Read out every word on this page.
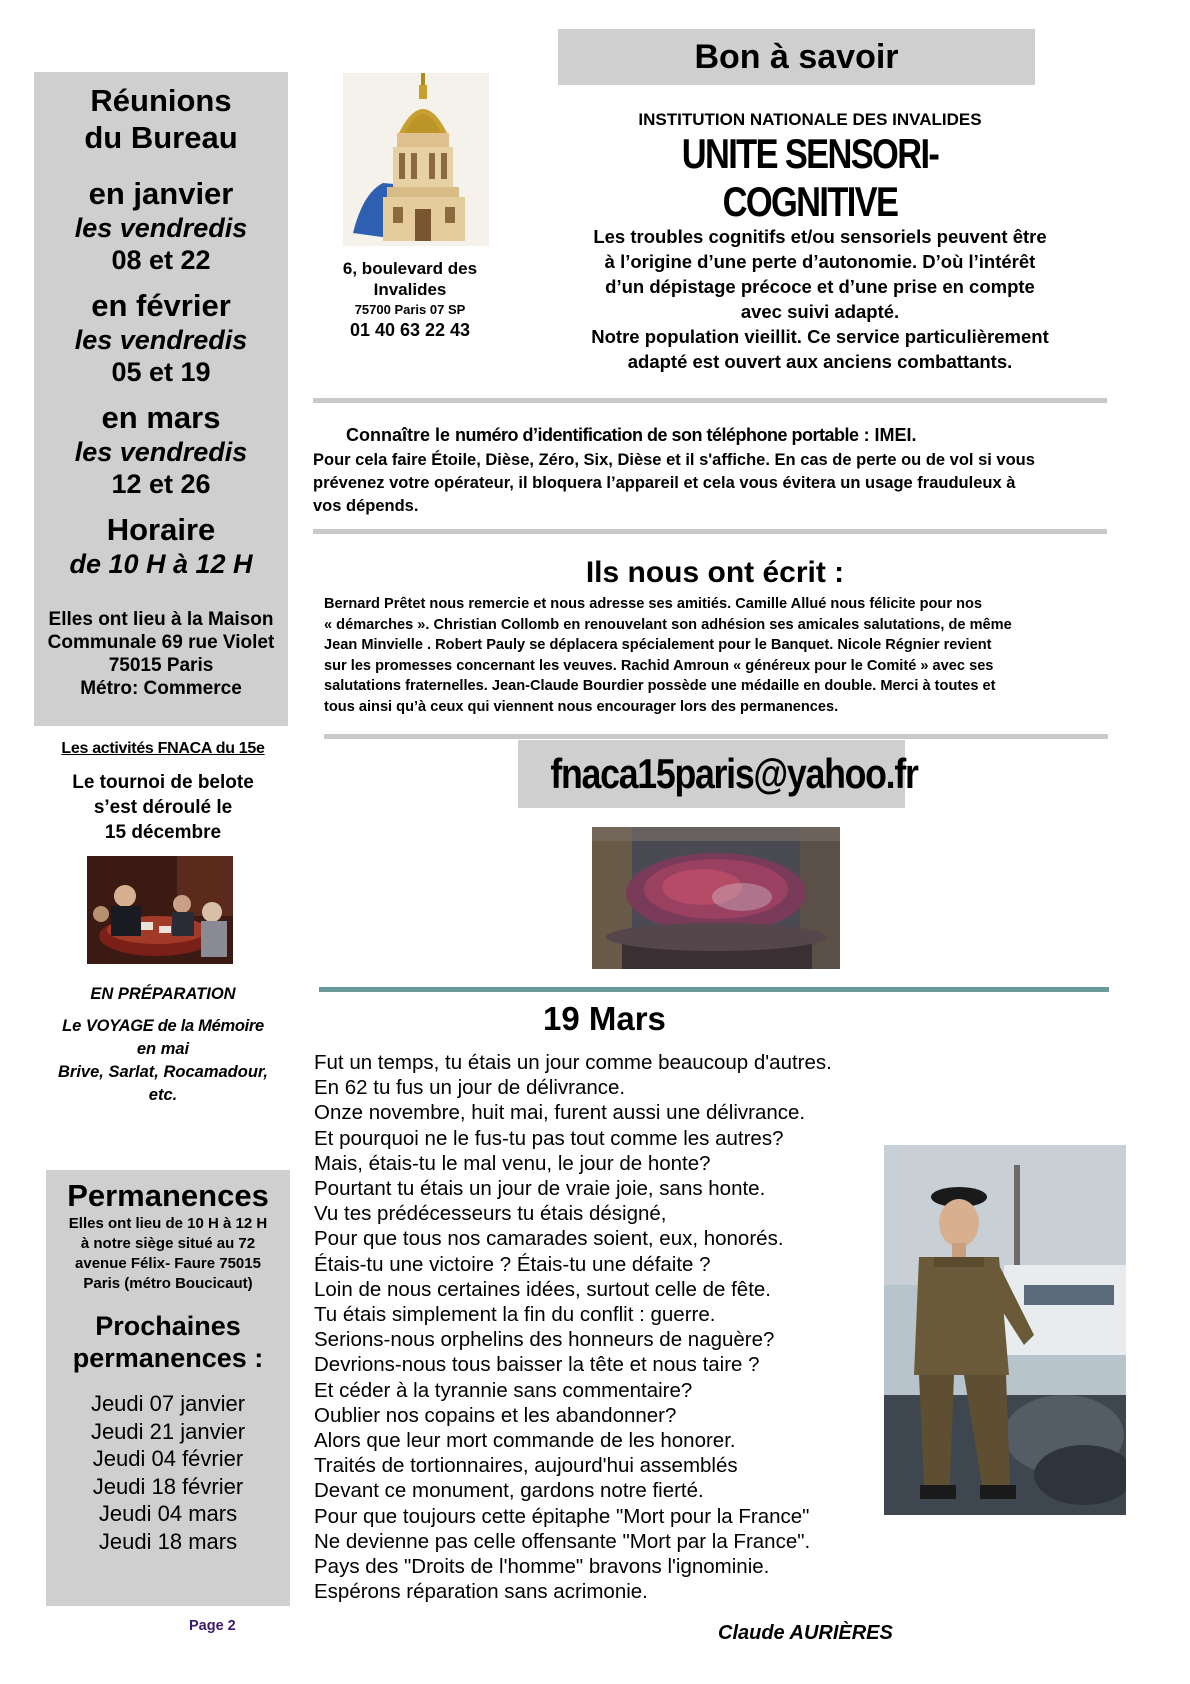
Réunions
du Bureau
en janvier
les vendredis
08 et 22
en février
les vendredis
05 et 19
en mars
les vendredis
12 et 26
Horaire
de 10 H à 12 H
Elles ont lieu à la Maison
Communale 69 rue Violet
75015 Paris
Métro: Commerce
Les activités FNACA du 15e
Le tournoi de belote
s’est déroulé le
15 décembre
EN PRÉPARATION
Le VOYAGE de la Mémoire
en mai
Brive, Sarlat, Rocamadour,
etc.
Permanences
Elles ont lieu de 10 H à 12 H
à notre siège situé au 72
avenue Félix- Faure 75015
Paris (métro Boucicaut)
Prochaines
permanences :
Jeudi 07 janvier
Jeudi 21 janvier
Jeudi 04 février
Jeudi 18 février
Jeudi 04 mars
Jeudi 18 mars
Page 2
6, boulevard des
Invalides
75700 Paris 07 SP
01 40 63 22 43
Bon à savoir
INSTITUTION NATIONALE DES INVALIDES
UNITE SENSORI-COGNITIVE
Les troubles cognitifs et/ou sensoriels peuvent être
à l’origine d’une perte d’autonomie. D’où l’intérêt
d’un dépistage précoce et d’une prise en compte
avec suivi adapté.
Notre population vieillit. Ce service particulièrement
adapté est ouvert aux anciens combattants.
Connaître le numéro d’identification de son téléphone portable : IMEI.
Pour cela faire Étoile, Dièse, Zéro, Six, Dièse et il s'affiche. En cas de perte ou de vol si vous
prévenez votre opérateur, il bloquera l’appareil et cela vous évitera un usage frauduleux à
vos dépends.
Ils nous ont écrit :
Bernard Prêtet nous remercie et nous adresse ses amitiés. Camille Allué nous félicite pour nos
« démarches ». Christian Collomb en renouvelant son adhésion ses amicales salutations, de même
Jean Minvielle . Robert Pauly se déplacera spécialement pour le Banquet. Nicole Régnier revient
sur les promesses concernant les veuves. Rachid Amroun « généreux pour le Comité » avec ses
salutations fraternelles. Jean-Claude Bourdier possède une médaille en double. Merci à toutes et
tous ainsi qu’à ceux qui viennent nous encourager lors des permanences.
fnaca15paris@yahoo.fr
19 Mars
Fut un temps, tu étais un jour comme beaucoup d'autres.
En 62 tu fus un jour de délivrance.
Onze novembre, huit mai, furent aussi une délivrance.
Et pourquoi ne le fus-tu pas tout comme les autres?
Mais, étais-tu le mal venu, le jour de honte?
Pourtant tu étais un jour de vraie joie, sans honte.
Vu tes prédécesseurs tu étais désigné,
Pour que tous nos camarades soient, eux, honorés.
Étais-tu une victoire ? Étais-tu une défaite ?
Loin de nous certaines idées, surtout celle de fête.
Tu étais simplement la fin du conflit : guerre.
Serions-nous orphelins des honneurs de naguère?
Devrions-nous tous baisser la tête et nous taire ?
Et céder à la tyrannie sans commentaire?
Oublier nos copains et les abandonner?
Alors que leur mort commande de les honorer.
Traités de tortionnaires, aujourd'hui assemblés
Devant ce monument, gardons notre fierté.
Pour que toujours cette épitaphe "Mort pour la France"
Ne devienne pas celle offensante "Mort par la France".
Pays des "Droits de l'homme" bravons l'ignominie.
Espérons réparation sans acrimonie.
Claude AURIÈRES
